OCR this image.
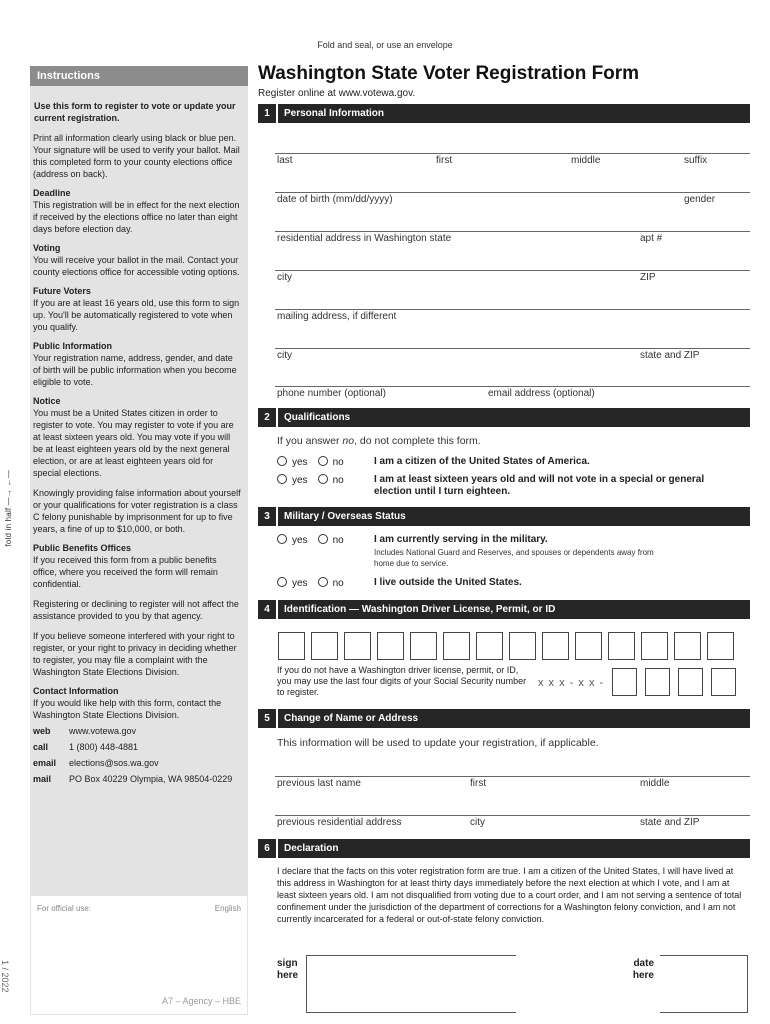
Fold and seal, or use an envelope
fold in half —→ ←—
1 / 2022
Instructions
Use this form to register to vote or update your current registration.
Print all information clearly using black or blue pen. Your signature will be used to verify your ballot. Mail this completed form to your county elections office (address on back).
Deadline
This registration will be in effect for the next election if received by the elections office no later than eight days before election day.
Voting
You will receive your ballot in the mail. Contact your county elections office for accessible voting options.
Future Voters
If you are at least 16 years old, use this form to sign up. You'll be automatically registered to vote when you qualify.
Public Information
Your registration name, address, gender, and date of birth will be public information when you become eligible to vote.
Notice
You must be a United States citizen in order to register to vote. You may register to vote if you are at least sixteen years old. You may vote if you will be at least eighteen years old by the next general election, or are at least eighteen years old for special elections.
Knowingly providing false information about yourself or your qualifications for voter registration is a class C felony punishable by imprisonment for up to five years, a fine of up to $10,000, or both.
Public Benefits Offices
If you received this form from a public benefits office, where you received the form will remain confidential.
Registering or declining to register will not affect the assistance provided to you by that agency.
If you believe someone interfered with your right to register, or your right to privacy in deciding whether to register, you may file a complaint with the Washington State Elections Division.
Contact Information
If you would like help with this form, contact the Washington State Elections Division.
web	www.votewa.gov
call	1 (800) 448-4881
email	elections@sos.wa.gov
mail	PO Box 40229 Olympia, WA 98504-0229
For official use:	English
A7 – Agency – HBE
Washington State Voter Registration Form
Register online at www.votewa.gov.
1	Personal Information
last	first	middle	suffix
date of birth (mm/dd/yyyy)	gender
residential address in Washington state	apt #
city	ZIP
mailing address, if different
city	state and ZIP
phone number (optional)	email address (optional)
2	Qualifications
If you answer no, do not complete this form.
yes	no	I am a citizen of the United States of America.
yes	no	I am at least sixteen years old and will not vote in a special or general election until I turn eighteen.
3	Military / Overseas Status
yes	no	I am currently serving in the military.
Includes National Guard and Reserves, and spouses or dependents away from home due to service.
yes	no	I live outside the United States.
4	Identification — Washington Driver License, Permit, or ID
If you do not have a Washington driver license, permit, or ID, you may use the last four digits of your Social Security number to register.
x x x - x x -
5	Change of Name or Address
This information will be used to update your registration, if applicable.
previous last name	first	middle
previous residential address	city	state and ZIP
6	Declaration
I declare that the facts on this voter registration form are true. I am a citizen of the United States, I will have lived at this address in Washington for at least thirty days immediately before the next election at which I vote, and I am at least sixteen years old. I am not disqualified from voting due to a court order, and I am not serving a sentence of total confinement under the jurisdiction of the department of corrections for a Washington felony conviction, and I am not currently incarcerated for a federal or out-of-state felony conviction.
sign here
date here
